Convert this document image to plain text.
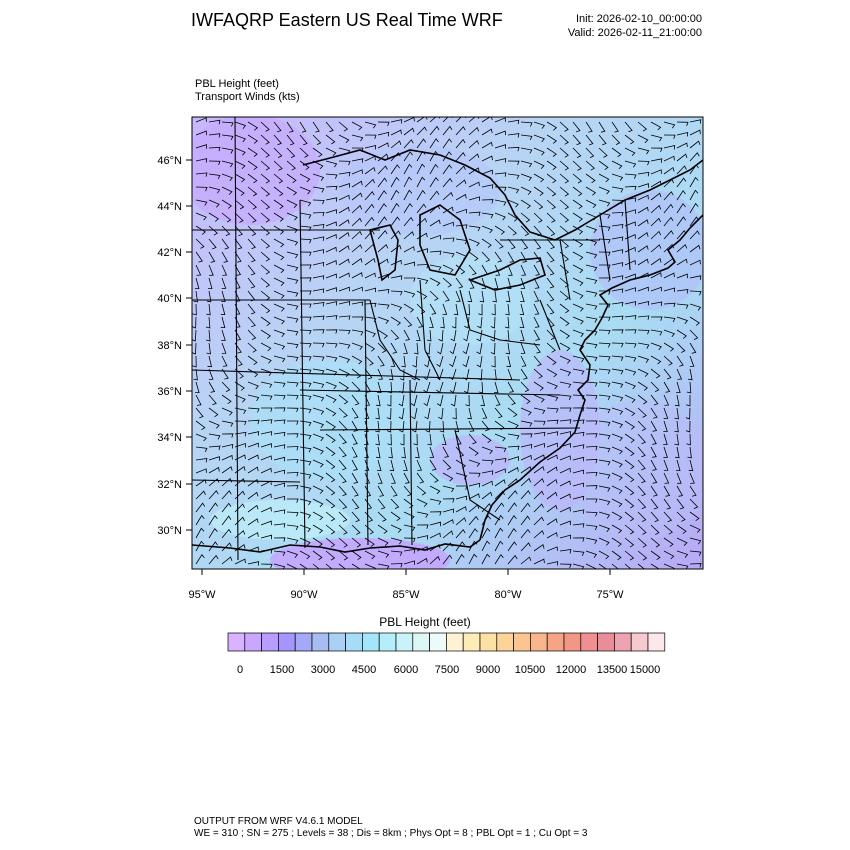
IWFAQRP Eastern US Real Time WRF	Init: 2026-02-10_00:00:00
Valid: 2026-02-11_21:00:00
PBL Height (feet)
Transport Winds (kts)
46°N
44°N
42°N
40°N
38°N
36°N
34°N
32°N
30°N
95°W	90°W	85°W	80°W	75°W
0 1500 3000 4500 6000 7500 9000 10500 12000 13500 15000
PBL Height (feet)
OUTPUT FROM WRF V4.6.1 MODEL
WE = 310 ; SN = 275 ; Levels = 38 ; Dis = 8km ; Phys Opt = 8 ; PBL Opt = 1 ; Cu Opt = 3
